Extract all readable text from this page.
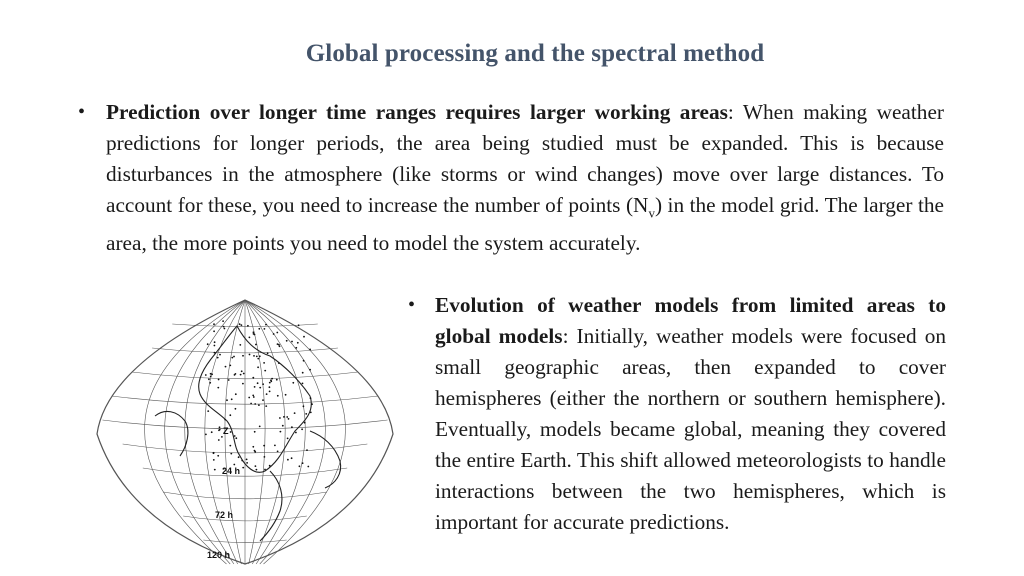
Global processing and the spectral method
• Prediction over longer time ranges requires larger working areas: When making weather predictions for longer periods, the area being studied must be expanded. This is because disturbances in the atmosphere (like storms or wind changes) move over large distances. To account for these, you need to increase the number of points $(N_v)$ in the model grid. The larger the area, the more points you need to model the system accurately.
• Evolution of weather models from limited areas to global models: Initially, weather models were focused on small geographic areas, then expanded to cover hemispheres (either the northern or southern hemisphere). Eventually, models became global, meaning they covered the entire Earth. This shift allowed meteorologists to handle interactions between the two hemispheres, which is important for accurate predictions.
Z
24 h
72 h
120 h
